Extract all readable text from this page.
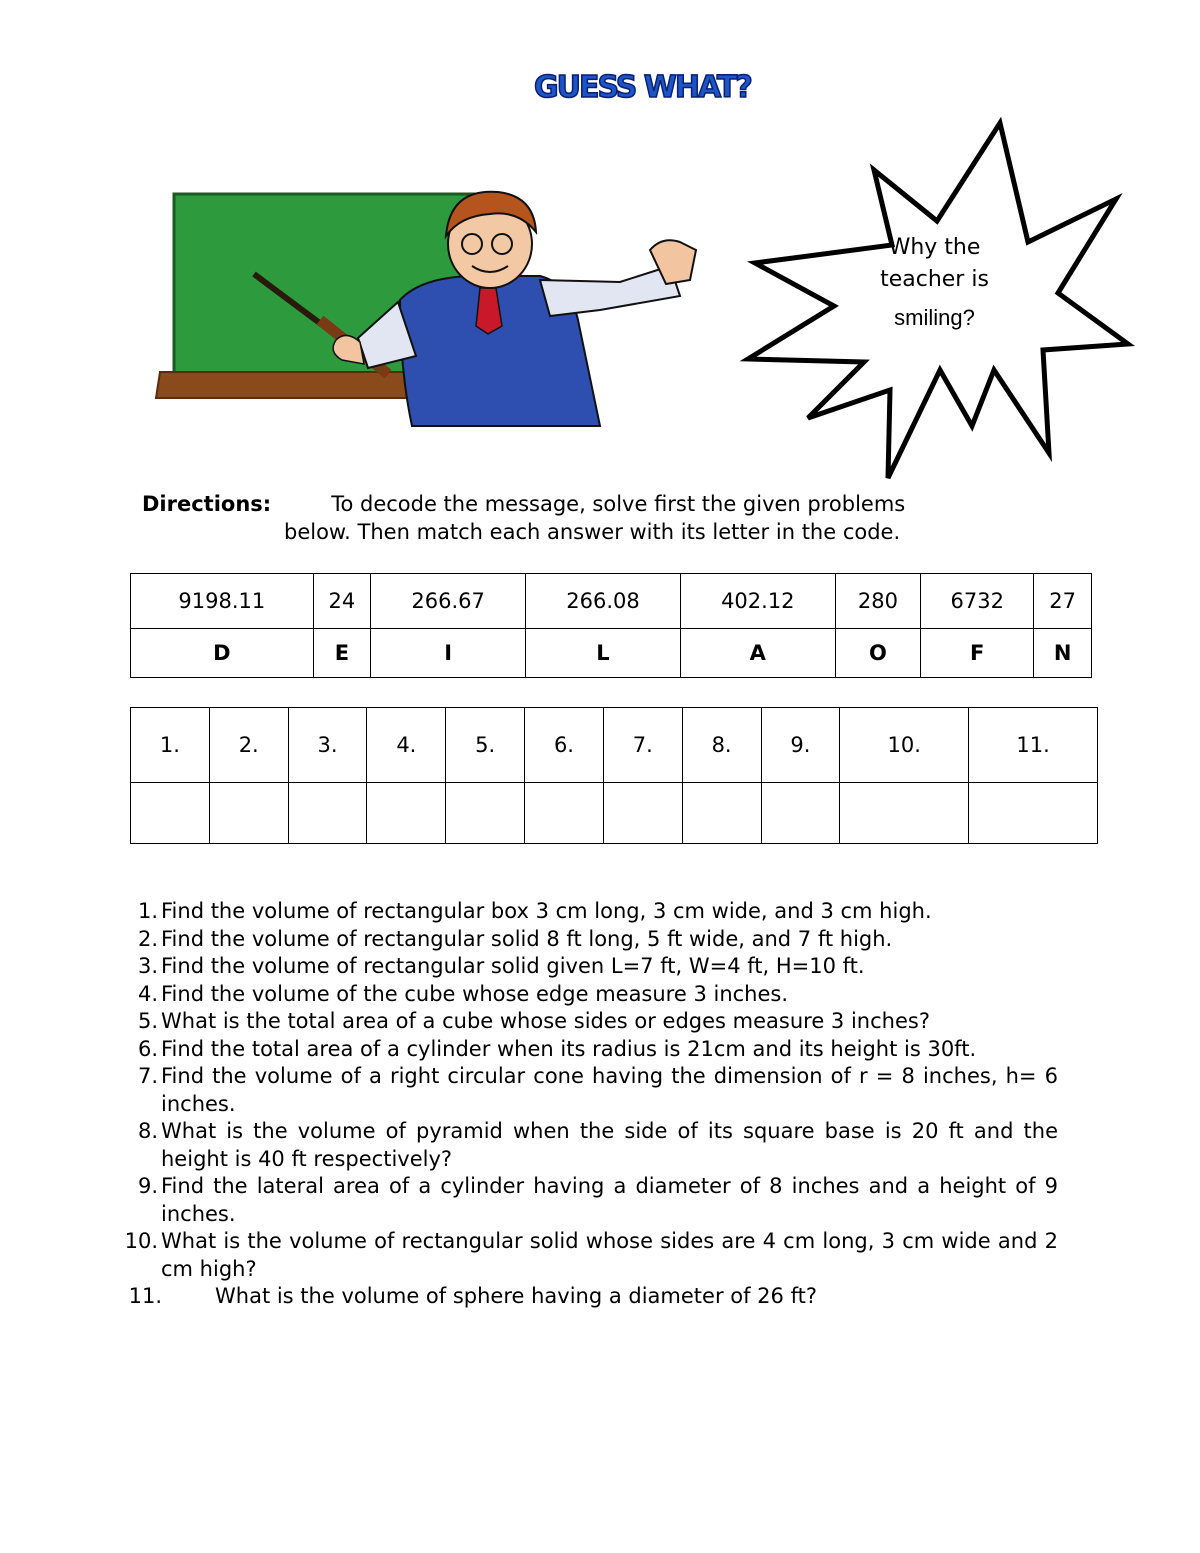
GUESS WHAT?
Why the
teacher is
smiling?
Directions:	To decode the message, solve first the given problems
below. Then match each answer with its letter in the code.
9198.11	24	266.67	266.08	402.12	280	6732	27
D	E	I	L	A	O	F	N
1.	2.	3.	4.	5.	6.	7.	8.	9.	10.	11.

1. Find the volume of rectangular box 3 cm long, 3 cm wide, and 3 cm high.
2. Find the volume of rectangular solid 8 ft long, 5 ft wide, and 7 ft high.
3. Find the volume of rectangular solid given L=7 ft, W=4 ft, H=10 ft.
4. Find the volume of the cube whose edge measure 3 inches.
5. What is the total area of a cube whose sides or edges measure 3 inches?
6. Find the total area of a cylinder when its radius is 21cm and its height is 30ft.
7. Find the volume of a right circular cone having the dimension of r = 8 inches, h= 6 inches.
8. What is the volume of pyramid when the side of its square base is 20 ft and the height is 40 ft respectively?
9. Find the lateral area of a cylinder having a diameter of 8 inches and a height of 9 inches.
10. What is the volume of rectangular solid whose sides are 4 cm long, 3 cm wide and 2 cm high?
11.	What is the volume of sphere having a diameter of 26 ft?
